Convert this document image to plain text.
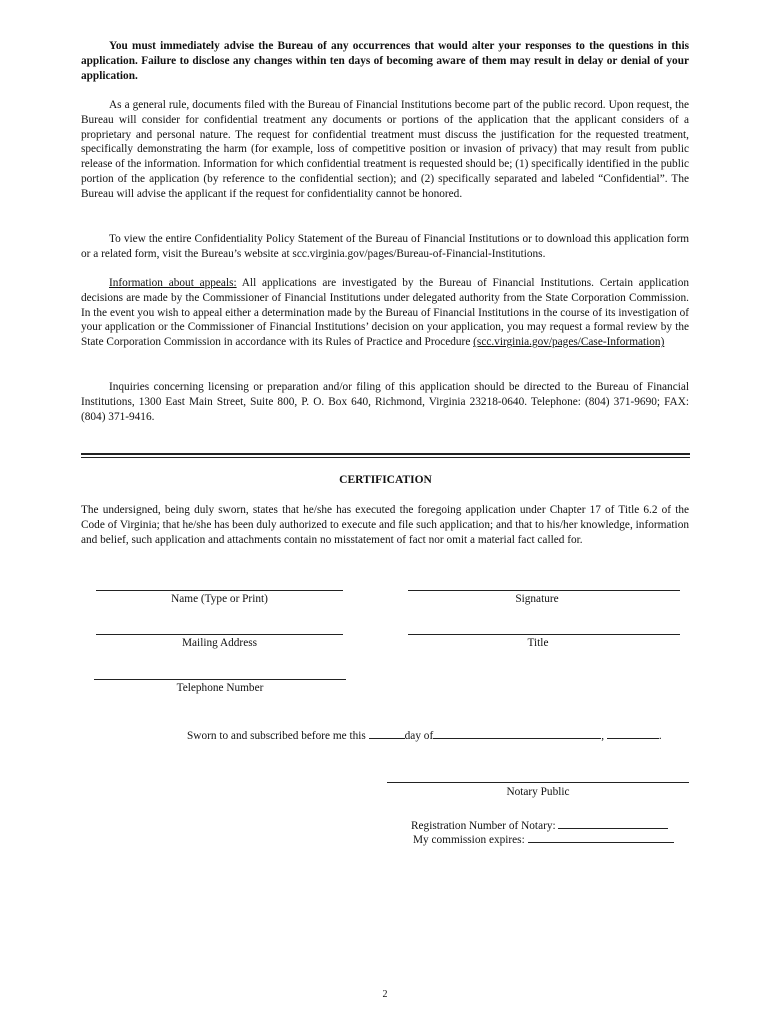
You must immediately advise the Bureau of any occurrences that would alter your responses to the questions in this application. Failure to disclose any changes within ten days of becoming aware of them may result in delay or denial of your application.

As a general rule, documents filed with the Bureau of Financial Institutions become part of the public record. Upon request, the Bureau will consider for confidential treatment any documents or portions of the application that the applicant considers of a proprietary and personal nature. The request for confidential treatment must discuss the justification for the requested treatment, specifically demonstrating the harm (for example, loss of competitive position or invasion of privacy) that may result from public release of the information. Information for which confidential treatment is requested should be; (1) specifically identified in the public portion of the application (by reference to the confidential section); and (2) specifically separated and labeled “Confidential”. The Bureau will advise the applicant if the request for confidentiality cannot be honored.

To view the entire Confidentiality Policy Statement of the Bureau of Financial Institutions or to download this application form or a related form, visit the Bureau’s website at scc.virginia.gov/pages/Bureau-of-Financial-Institutions.

Information about appeals: All applications are investigated by the Bureau of Financial Institutions. Certain application decisions are made by the Commissioner of Financial Institutions under delegated authority from the State Corporation Commission. In the event you wish to appeal either a determination made by the Bureau of Financial Institutions in the course of its investigation of your application or the Commissioner of Financial Institutions’ decision on your application, you may request a formal review by the State Corporation Commission in accordance with its Rules of Practice and Procedure (scc.virginia.gov/pages/Case-Information)

Inquiries concerning licensing or preparation and/or filing of this application should be directed to the Bureau of Financial Institutions, 1300 East Main Street, Suite 800, P. O. Box 640, Richmond, Virginia 23218-0640. Telephone: (804) 371-9690; FAX: (804) 371-9416.

CERTIFICATION

The undersigned, being duly sworn, states that he/she has executed the foregoing application under Chapter 17 of Title 6.2 of the Code of Virginia; that he/she has been duly authorized to execute and file such application; and that to his/her knowledge, information and belief, such application and attachments contain no misstatement of fact nor omit a material fact called for.

Name (Type or Print)	Signature
Mailing Address	Title
Telephone Number
Sworn to and subscribed before me this	day of	,	.
Notary Public
Registration Number of Notary:
My commission expires:
2
